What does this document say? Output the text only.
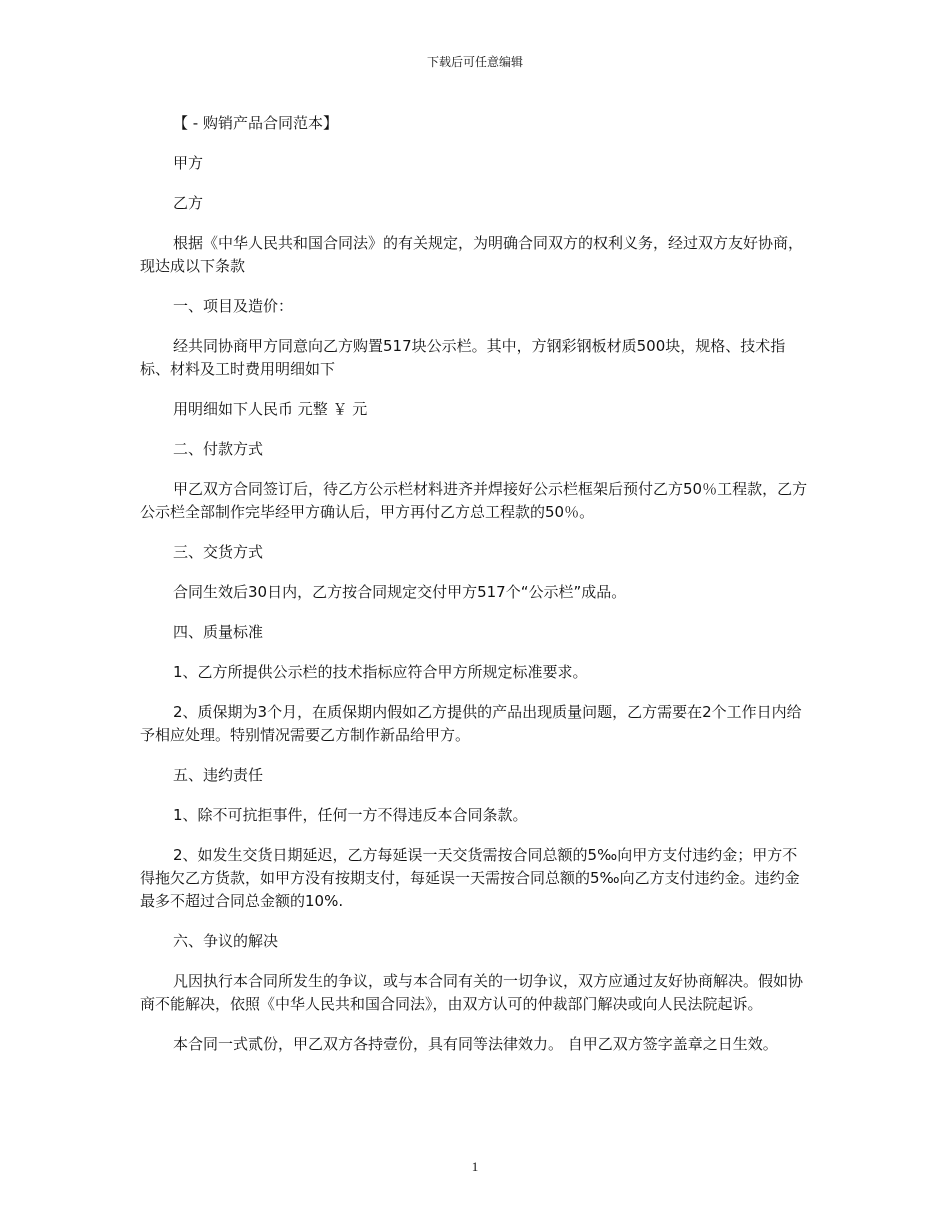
下载后可任意编辑

【 - 购销产品合同范本】

甲方

乙方

根据《中华人民共和国合同法》的有关规定，为明确合同双方的权利义务，经过双方友好协商，现达成以下条款

一、项目及造价：

经共同协商甲方同意向乙方购置517块公示栏。其中，方钢彩钢板材质500块，规格、技术指标、材料及工时费用明细如下

用明细如下人民币 元整 ￥ 元

二、付款方式

甲乙双方合同签订后，待乙方公示栏材料进齐并焊接好公示栏框架后预付乙方50％工程款，乙方公示栏全部制作完毕经甲方确认后，甲方再付乙方总工程款的50％。

三、交货方式

合同生效后30日内，乙方按合同规定交付甲方517个“公示栏”成品。

四、质量标准

1、乙方所提供公示栏的技术指标应符合甲方所规定标准要求。

2、质保期为3个月，在质保期内假如乙方提供的产品出现质量问题，乙方需要在2个工作日内给予相应处理。特别情况需要乙方制作新品给甲方。

五、违约责任

1、除不可抗拒事件，任何一方不得违反本合同条款。

2、如发生交货日期延迟，乙方每延误一天交货需按合同总额的5‰向甲方支付违约金；甲方不得拖欠乙方货款，如甲方没有按期支付，每延误一天需按合同总额的5‰向乙方支付违约金。违约金最多不超过合同总金额的10%.

六、争议的解决

凡因执行本合同所发生的争议，或与本合同有关的一切争议，双方应通过友好协商解决。假如协商不能解决，依照《中华人民共和国合同法》，由双方认可的仲裁部门解决或向人民法院起诉。

本合同一式贰份，甲乙双方各持壹份，具有同等法律效力。 自甲乙双方签字盖章之日生效。

1
